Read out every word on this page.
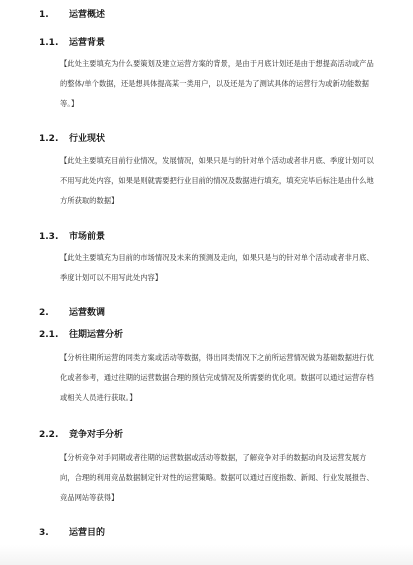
1. 运营概述
1.1. 运营背景
【此处主要填充为什么要策划及建立运营方案的背景，是由于月底计划还是由于想提高活动或产品的整体/单个数据，还是想具体提高某一类用户，以及还是为了测试具体的运营行为或新功能数据等。】
1.2. 行业现状
【此处主要填充目前行业情况，发展情况，如果只是与的针对单个活动或者非月底、季度计划可以不用写此处内容，如果是则就需要把行业目前的情况及数据进行填充，填充完毕后标注是由什么地方所获取的数据】
1.3. 市场前景
【此处主要填充为目前的市场情况及未来的预测及走向，如果只是与的针对单个活动或者非月底、季度计划可以不用写此处内容】
2. 运营数调
2.1. 往期运营分析
【分析往期所运营的同类方案或活动等数据，得出同类情况下之前所运营情况做为基础数据进行优化或者参考，通过往期的运营数据合理的预估完成情况及所需要的优化项。数据可以通过运营存档或相关人员进行获取。】
2.2. 竞争对手分析
【分析竞争对手同期或者往期的运营数据或活动等数据，了解竞争对手的数据动向及运营发展方向，合理的利用竞品数据制定针对性的运营策略。数据可以通过百度指数、新闻、行业发展报告、竞品网站等获得】
3. 运营目的
